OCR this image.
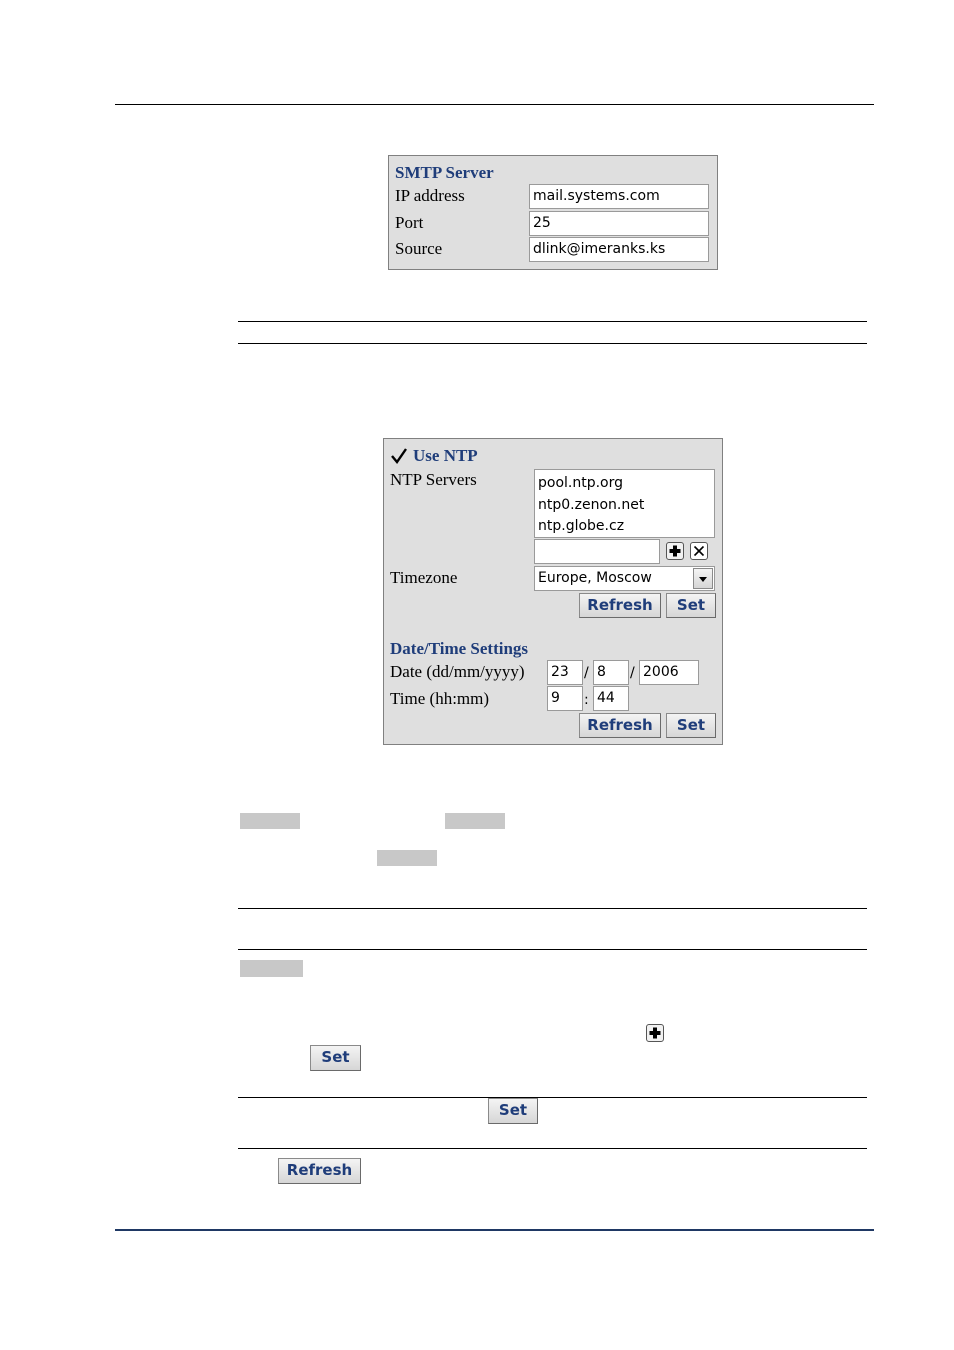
SMTP Server
IP address	mail.systems.com
Port	25
Source	dlink@imeranks.ks
Use NTP
NTP Servers	pool.ntp.org
ntp0.zenon.net
ntp.globe.cz
Timezone	Europe, Moscow
Refresh	Set
Date/Time Settings
Date (dd/mm/yyyy) 23	/ 8	/ 2006
Time (hh:mm)	9	: 44
Refresh	Set
Set
Set
Refresh
